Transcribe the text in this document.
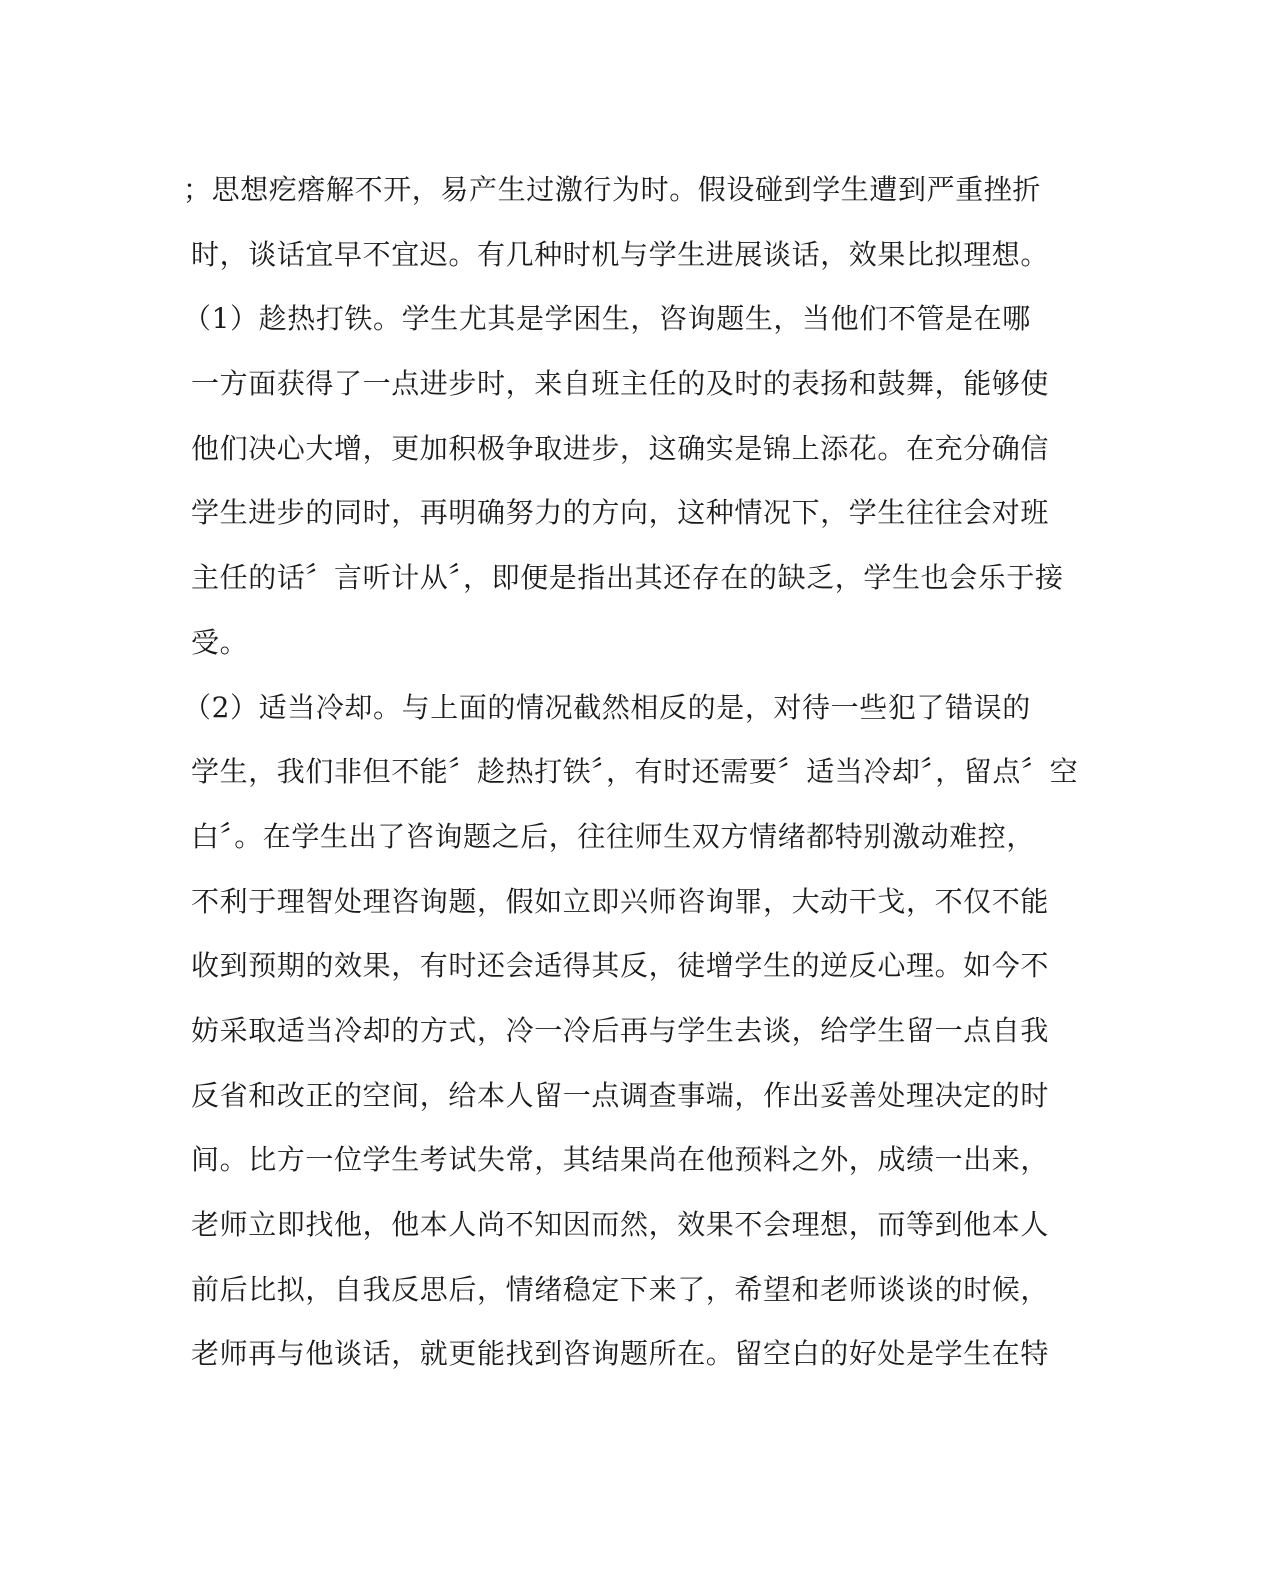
；思想疙瘩解不开，易产生过激行为时。假设碰到学生遭到严重挫折
时，谈话宜早不宜迟。有几种时机与学生进展谈话，效果比拟理想。
（1）趁热打铁。学生尤其是学困生，咨询题生，当他们不管是在哪
一方面获得了一点进步时，来自班主任的及时的表扬和鼓舞，能够使
他们决心大增，更加积极争取进步，这确实是锦上添花。在充分确信
学生进步的同时，再明确努力的方向，这种情况下，学生往往会对班
主任的话〞言听计从〞，即便是指出其还存在的缺乏，学生也会乐于接
受。
（2）适当冷却。与上面的情况截然相反的是，对待一些犯了错误的
学生，我们非但不能〞趁热打铁〞，有时还需要〞适当冷却〞，留点〞空
白〞。在学生出了咨询题之后，往往师生双方情绪都特别激动难控，
不利于理智处理咨询题，假如立即兴师咨询罪，大动干戈，不仅不能
收到预期的效果，有时还会适得其反，徒增学生的逆反心理。如今不
妨采取适当冷却的方式，冷一冷后再与学生去谈，给学生留一点自我
反省和改正的空间，给本人留一点调查事端，作出妥善处理决定的时
间。比方一位学生考试失常，其结果尚在他预料之外，成绩一出来，
老师立即找他，他本人尚不知因而然，效果不会理想，而等到他本人
前后比拟，自我反思后，情绪稳定下来了，希望和老师谈谈的时候，
老师再与他谈话，就更能找到咨询题所在。留空白的好处是学生在特
